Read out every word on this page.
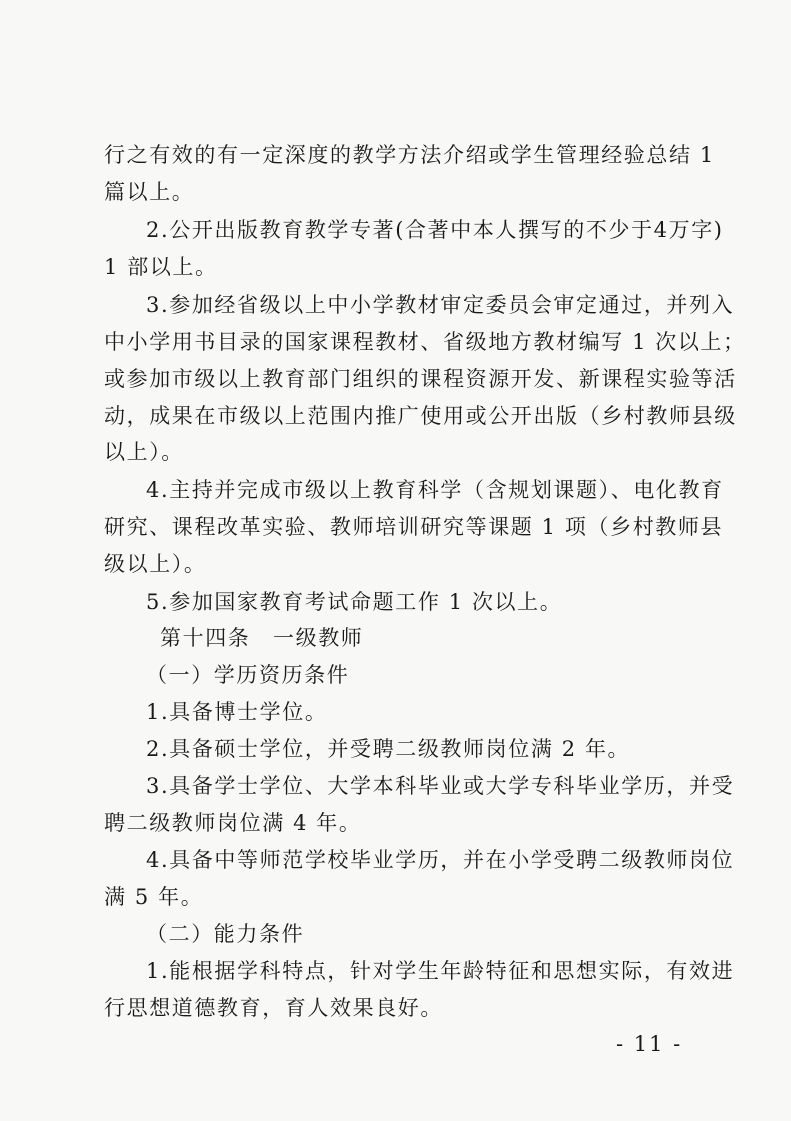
行之有效的有一定深度的教学方法介绍或学生管理经验总结 1
篇以上。
2.公开出版教育教学专著(合著中本人撰写的不少于4万字)
1 部以上。
3.参加经省级以上中小学教材审定委员会审定通过，并列入
中小学用书目录的国家课程教材、省级地方教材编写 1 次以上；
或参加市级以上教育部门组织的课程资源开发、新课程实验等活
动，成果在市级以上范围内推广使用或公开出版（乡村教师县级
以上）。
4.主持并完成市级以上教育科学（含规划课题）、电化教育
研究、课程改革实验、教师培训研究等课题 1 项（乡村教师县
级以上）。
5.参加国家教育考试命题工作 1 次以上。
第十四条　一级教师
（一）学历资历条件
1.具备博士学位。
2.具备硕士学位，并受聘二级教师岗位满 2 年。
3.具备学士学位、大学本科毕业或大学专科毕业学历，并受
聘二级教师岗位满 4 年。
4.具备中等师范学校毕业学历，并在小学受聘二级教师岗位
满 5 年。
（二）能力条件
1.能根据学科特点，针对学生年龄特征和思想实际，有效进
行思想道德教育，育人效果良好。
- 11 -
